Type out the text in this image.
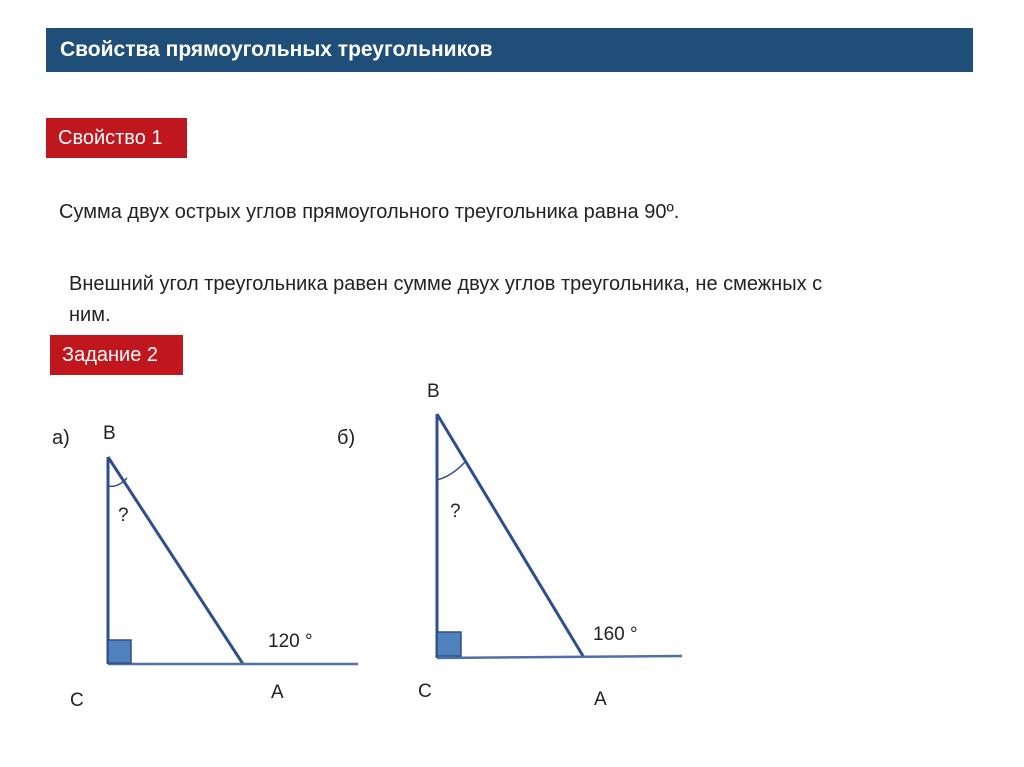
Свойства прямоугольных треугольников
Свойство 1
Сумма двух острых углов прямоугольного треугольника равна 90º.
Внешний угол треугольника равен сумме двух углов треугольника, не смежных с
ним.
Задание 2
а) В
?
120 °
С	А
б)
В
?
160 °
С	А
